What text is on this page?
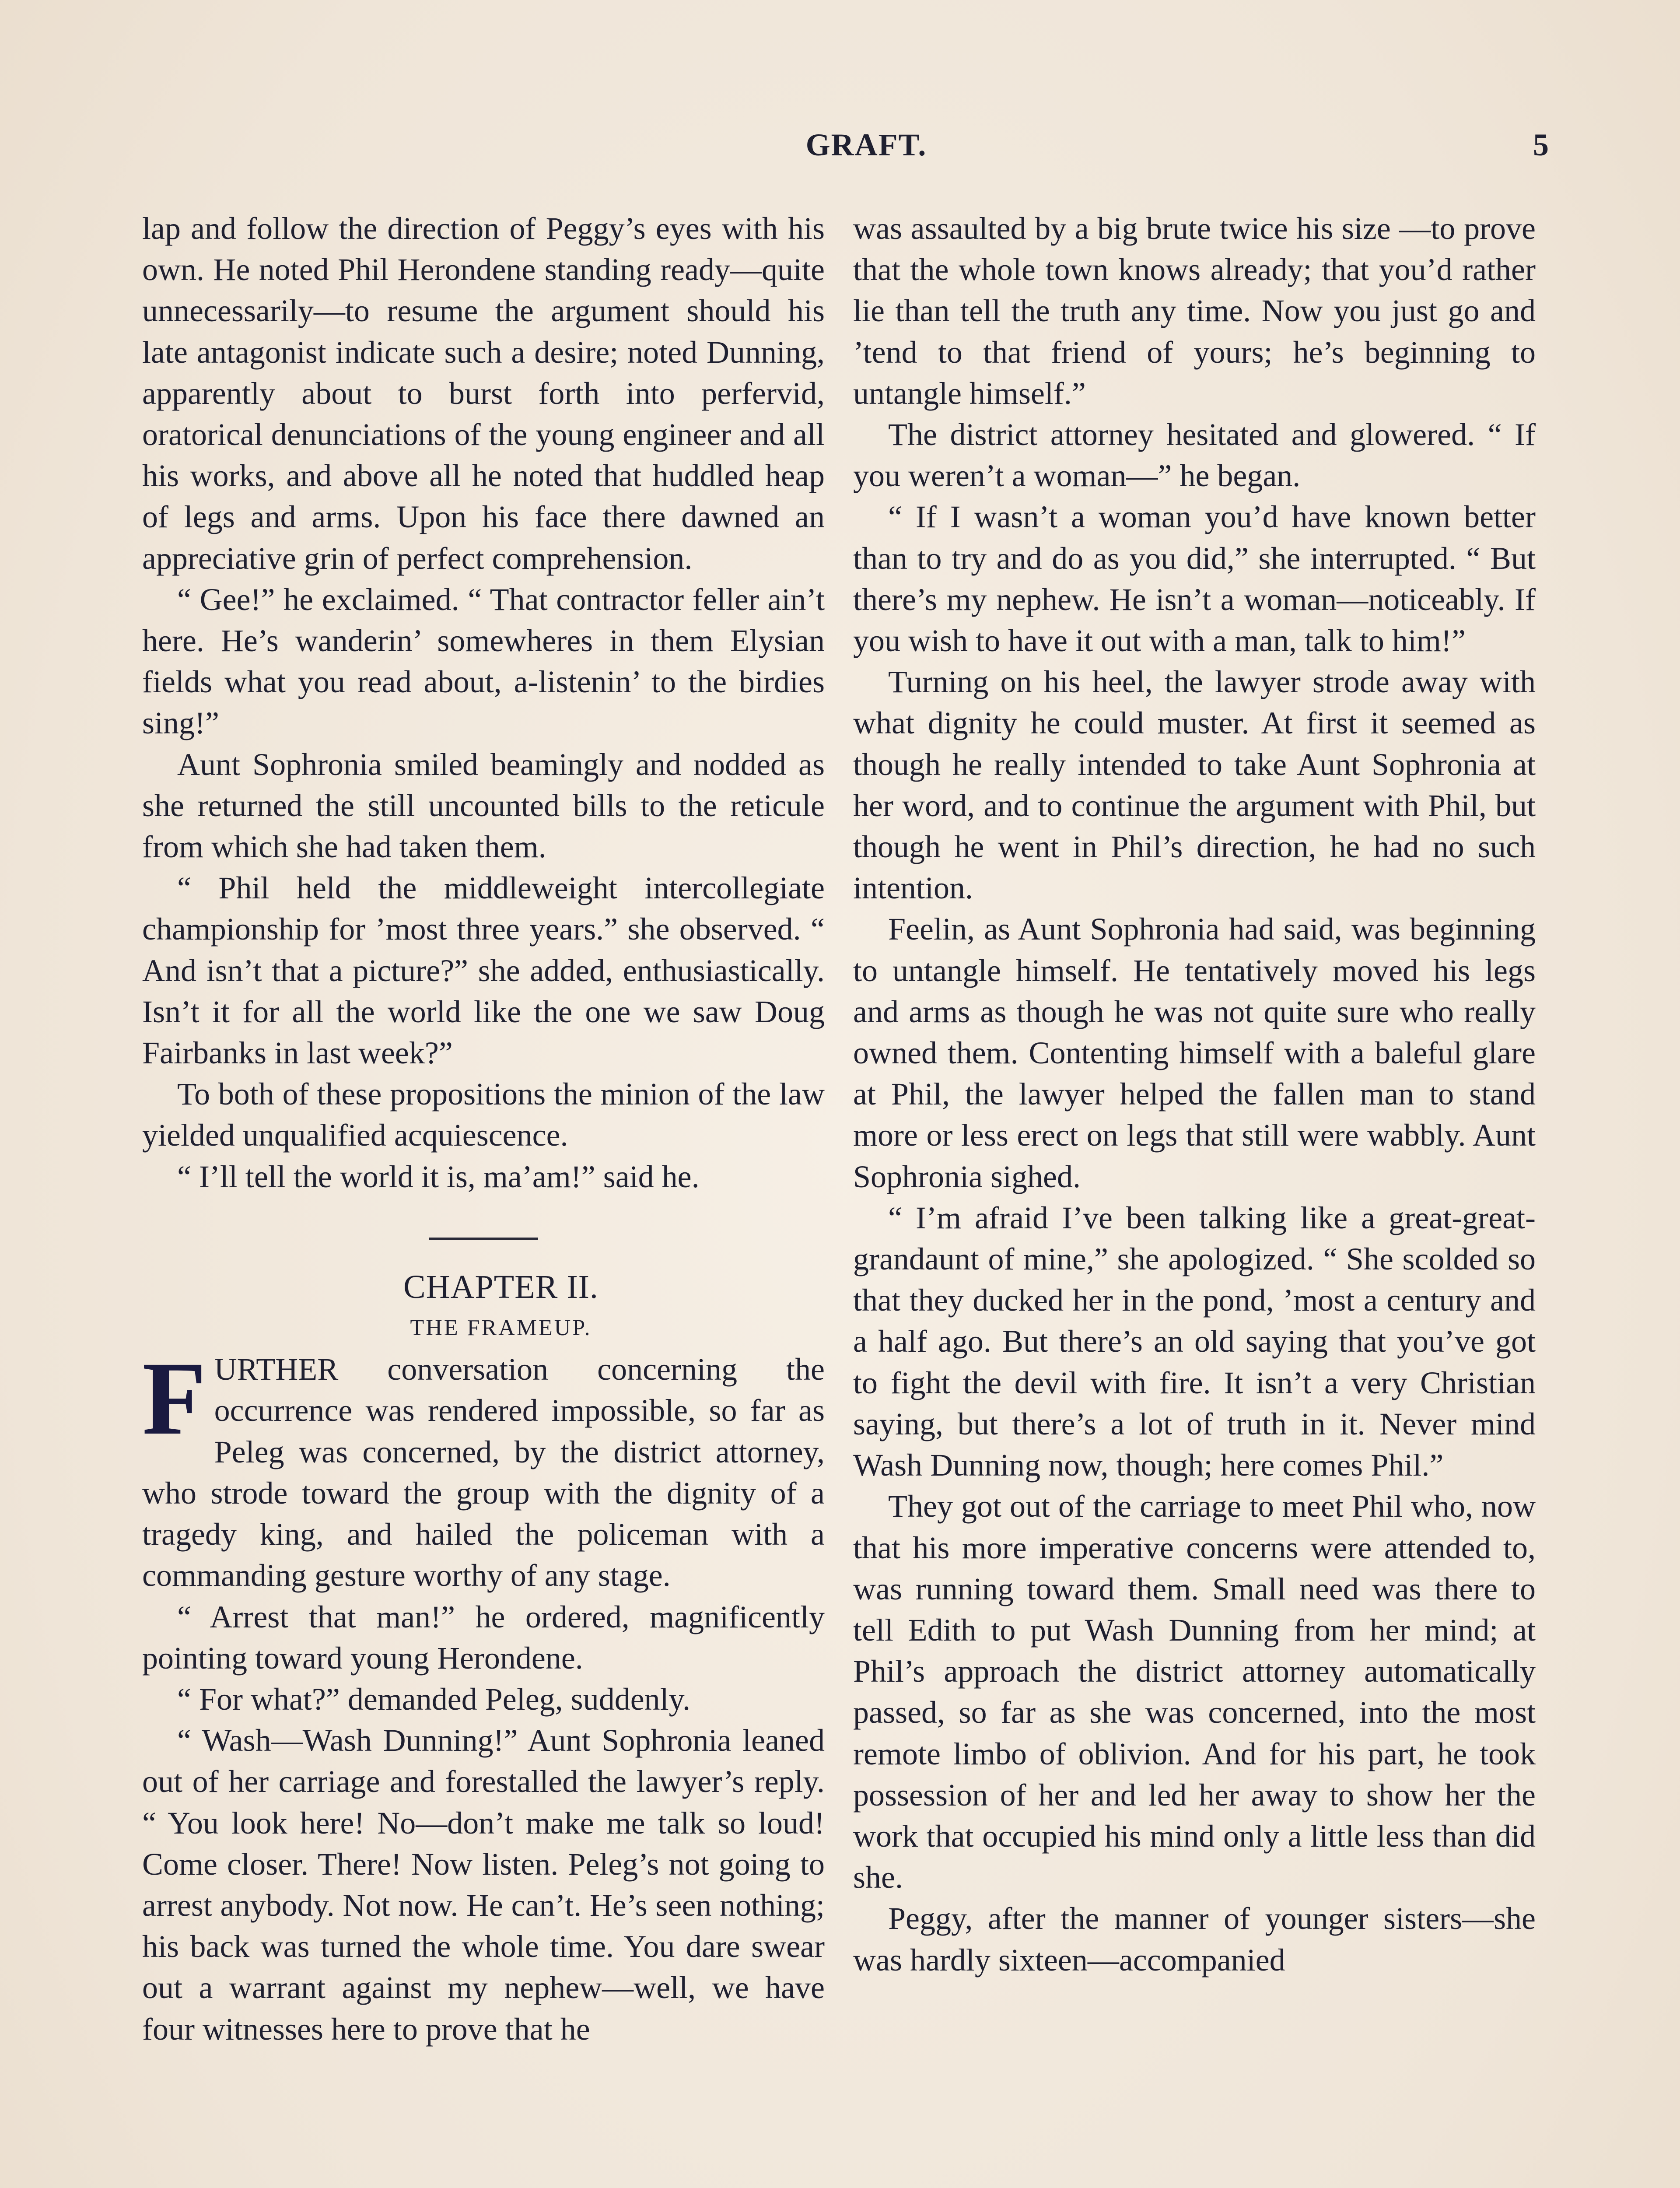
GRAFT.	5

lap and follow the direction of Peggy’s eyes with his own. He noted Phil Herondene standing ready—quite unnecessarily—to resume the argument should his late antagonist indicate such a desire; noted Dunning, apparently about to burst forth into perfervid, oratorical denunciations of the young engineer and all his works, and above all he noted that huddled heap of legs and arms. Upon his face there dawned an appreciative grin of perfect comprehension.

“ Gee!” he exclaimed. “ That contractor feller ain’t here. He’s wanderin’ somewheres in them Elysian fields what you read about, a-listenin’ to the birdies sing!”

Aunt Sophronia smiled beamingly and nodded as she returned the still uncounted bills to the reticule from which she had taken them.

“ Phil held the middleweight intercollegiate championship for ’most three years.” she observed. “ And isn’t that a picture?” she added, enthusiastically. Isn’t it for all the world like the one we saw Doug Fairbanks in last week?”

To both of these propositions the minion of the law yielded unqualified acquiescence.

“ I’ll tell the world it is, ma’am!” said he.

CHAPTER II.

THE FRAMEUP.

FURTHER conversation concerning the occurrence was rendered impossible, so far as Peleg was concerned, by the district attorney, who strode toward the group with the dignity of a tragedy king, and hailed the policeman with a commanding gesture worthy of any stage.

“ Arrest that man!” he ordered, magnificently pointing toward young Herondene.

“ For what?” demanded Peleg, suddenly.

“ Wash—Wash Dunning!” Aunt Sophronia leaned out of her carriage and forestalled the lawyer’s reply. “ You look here! No—don’t make me talk so loud! Come closer. There! Now listen. Peleg’s not going to arrest anybody. Not now. He can’t. He’s seen nothing; his back was turned the whole time. You dare swear out a warrant against my nephew—well, we have four witnesses here to prove that he

was assaulted by a big brute twice his size —to prove that the whole town knows already; that you’d rather lie than tell the truth any time. Now you just go and ’tend to that friend of yours; he’s beginning to untangle himself.”

The district attorney hesitated and glowered. “ If you weren’t a woman—” he began.

“ If I wasn’t a woman you’d have known better than to try and do as you did,” she interrupted. “ But there’s my nephew. He isn’t a woman—noticeably. If you wish to have it out with a man, talk to him!”

Turning on his heel, the lawyer strode away with what dignity he could muster. At first it seemed as though he really intended to take Aunt Sophronia at her word, and to continue the argument with Phil, but though he went in Phil’s direction, he had no such intention.

Feelin, as Aunt Sophronia had said, was beginning to untangle himself. He tentatively moved his legs and arms as though he was not quite sure who really owned them. Contenting himself with a baleful glare at Phil, the lawyer helped the fallen man to stand more or less erect on legs that still were wabbly. Aunt Sophronia sighed.

“ I’m afraid I’ve been talking like a great-great-grandaunt of mine,” she apologized. “ She scolded so that they ducked her in the pond, ’most a century and a half ago. But there’s an old saying that you’ve got to fight the devil with fire. It isn’t a very Christian saying, but there’s a lot of truth in it. Never mind Wash Dunning now, though; here comes Phil.”

They got out of the carriage to meet Phil who, now that his more imperative concerns were attended to, was running toward them. Small need was there to tell Edith to put Wash Dunning from her mind; at Phil’s approach the district attorney automatically passed, so far as she was concerned, into the most remote limbo of oblivion. And for his part, he took possession of her and led her away to show her the work that occupied his mind only a little less than did she.

Peggy, after the manner of younger sisters—she was hardly sixteen—accompanied
